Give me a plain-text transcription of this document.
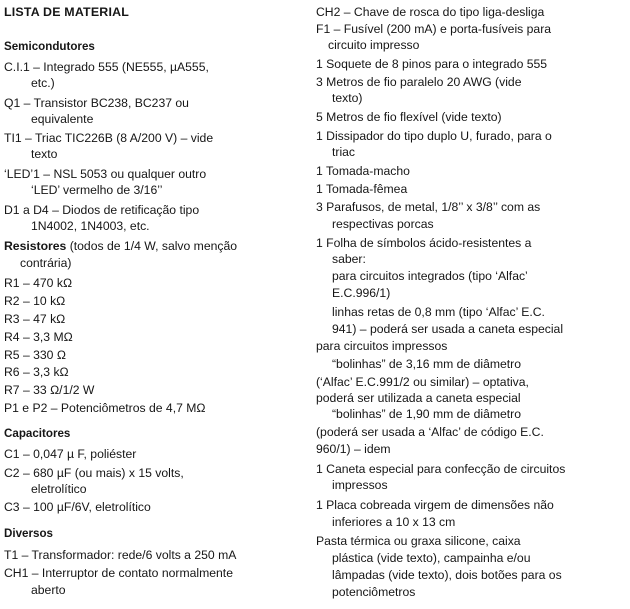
LISTA DE MATERIAL
Semicondutores
C.I.1 – Integrado 555 (NE555, µA555,
etc.)
Q1 – Transistor BC238, BC237 ou
equivalente
TI1 – Triac TIC226B (8 A/200 V) – vide
texto
‘LED’1 – NSL 5053 ou qualquer outro
‘LED’ vermelho de 3/16’’
D1 a D4 – Diodos de retificação tipo
1N4002, 1N4003, etc.
Resistores (todos de 1/4 W, salvo menção
contrária)
R1 – 470 kΩ
R2 – 10 kΩ
R3 – 47 kΩ
R4 – 3,3 MΩ
R5 – 330 Ω
R6 – 3,3 kΩ
R7 – 33 Ω/1/2 W
P1 e P2 – Potenciômetros de 4,7 MΩ
Capacitores
C1 – 0,047 µ F, poliéster
C2 – 680 µF (ou mais) x 15 volts,
eletrolítico
C3 – 100 µF/6V, eletrolítico
Diversos
T1 – Transformador: rede/6 volts a 250 mA
CH1 – Interruptor de contato normalmente
aberto
CH2 – Chave de rosca do tipo liga-desliga
F1 – Fusível (200 mA) e porta-fusíveis para
circuito impresso
1 Soquete de 8 pinos para o integrado 555
3 Metros de fio paralelo 20 AWG (vide
texto)
5 Metros de fio flexível (vide texto)
1 Dissipador do tipo duplo U, furado, para o
triac
1 Tomada-macho
1 Tomada-fêmea
3 Parafusos, de metal, 1/8’’ x 3/8’’ com as
respectivas porcas
1 Folha de símbolos ácido-resistentes a
saber:
para circuitos integrados (tipo ‘Alfac’
E.C.996/1)
linhas retas de 0,8 mm (tipo ‘Alfac’ E.C.
941) – poderá ser usada a caneta especial
para circuitos impressos
“bolinhas” de 3,16 mm de diâmetro
(‘Alfac’ E.C.991/2 ou similar) – optativa,
poderá ser utilizada a caneta especial
“bolinhas” de 1,90 mm de diâmetro
(poderá ser usada a ‘Alfac’ de código E.C.
960/1) – idem
1 Caneta especial para confecção de circuitos
impressos
1 Placa cobreada virgem de dimensões não
inferiores a 10 x 13 cm
Pasta térmica ou graxa silicone, caixa
plástica (vide texto), campainha e/ou
lâmpadas (vide texto), dois botões para os
potenciômetros
